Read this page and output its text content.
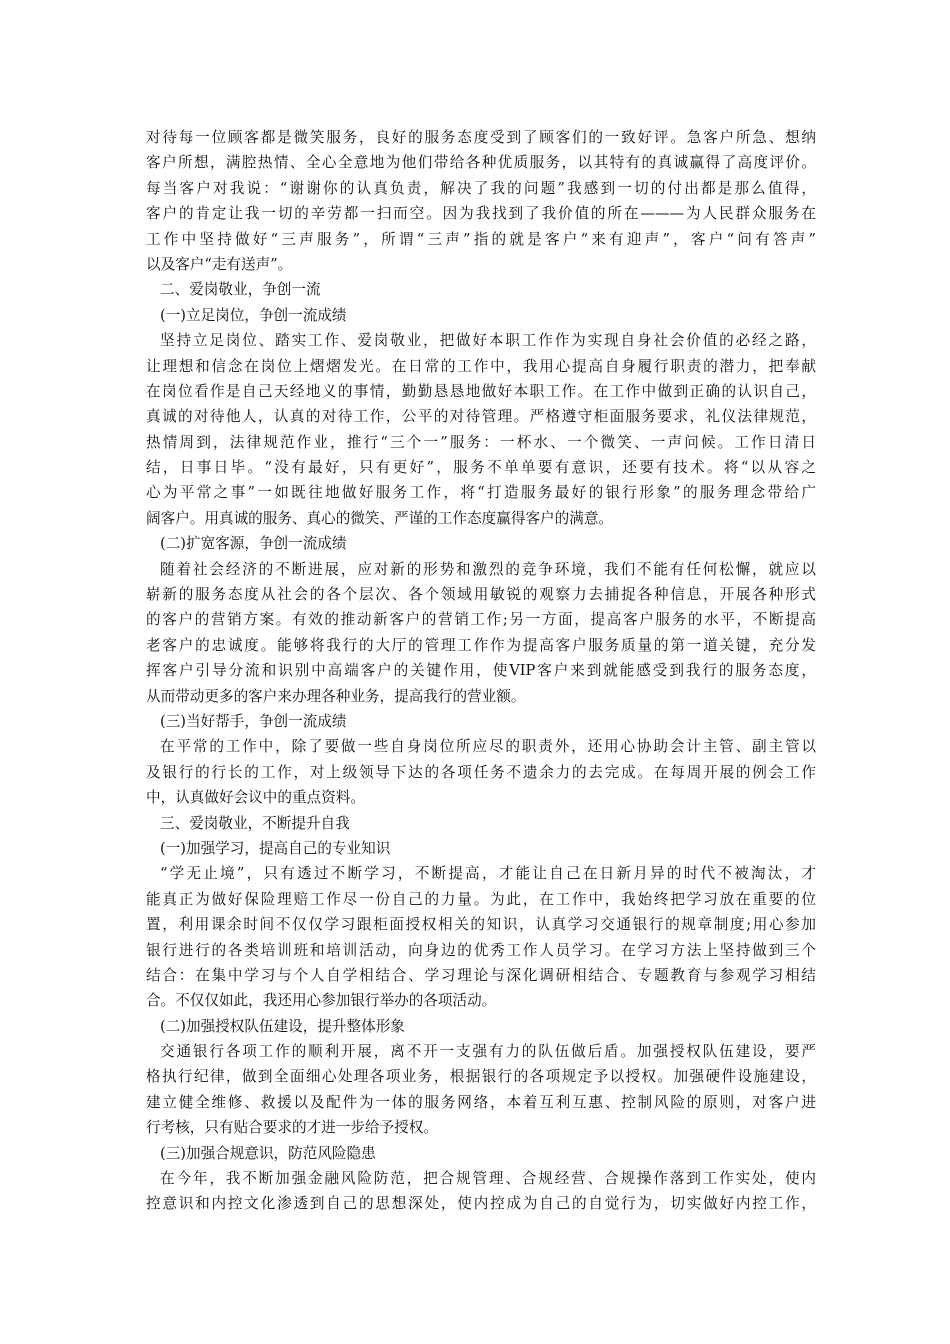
对待每一位顾客都是微笑服务，良好的服务态度受到了顾客们的一致好评。急客户所急、想纳
客户所想，满腔热情、全心全意地为他们带给各种优质服务，以其特有的真诚赢得了高度评价。
每当客户对我说：“谢谢你的认真负责，解决了我的问题”我感到一切的付出都是那么值得，
客户的肯定让我一切的辛劳都一扫而空。因为我找到了我价值的所在———为人民群众服务在
工作中坚持做好“三声服务”，所谓“三声”指的就是客户“来有迎声”，客户“问有答声”
以及客户“走有送声”。
二、爱岗敬业，争创一流
(一)立足岗位，争创一流成绩
坚持立足岗位、踏实工作、爱岗敬业，把做好本职工作作为实现自身社会价值的必经之路，
让理想和信念在岗位上熠熠发光。在日常的工作中，我用心提高自身履行职责的潜力，把奉献
在岗位看作是自己天经地义的事情，勤勤恳恳地做好本职工作。在工作中做到正确的认识自己，
真诚的对待他人，认真的对待工作，公平的对待管理。严格遵守柜面服务要求，礼仪法律规范，
热情周到，法律规范作业，推行“三个一”服务：一杯水、一个微笑、一声问候。工作日清日
结，日事日毕。“没有最好，只有更好”，服务不单单要有意识，还要有技术。将“以从容之
心为平常之事”一如既往地做好服务工作，将“打造服务最好的银行形象”的服务理念带给广
阔客户。用真诚的服务、真心的微笑、严谨的工作态度赢得客户的满意。
(二)扩宽客源，争创一流成绩
随着社会经济的不断进展，应对新的形势和激烈的竞争环境，我们不能有任何松懈，就应以
崭新的服务态度从社会的各个层次、各个领域用敏锐的观察力去捕捉各种信息，开展各种形式
的客户的营销方案。有效的推动新客户的营销工作;另一方面，提高客户服务的水平，不断提高
老客户的忠诚度。能够将我行的大厅的管理工作作为提高客户服务质量的第一道关键，充分发
挥客户引导分流和识别中高端客户的关键作用，使VIP客户来到就能感受到我行的服务态度，
从而带动更多的客户来办理各种业务，提高我行的营业额。
(三)当好帮手，争创一流成绩
在平常的工作中，除了要做一些自身岗位所应尽的职责外，还用心协助会计主管、副主管以
及银行的行长的工作，对上级领导下达的各项任务不遗余力的去完成。在每周开展的例会工作
中，认真做好会议中的重点资料。
三、爱岗敬业，不断提升自我
(一)加强学习，提高自己的专业知识
“学无止境”，只有透过不断学习，不断提高，才能让自己在日新月异的时代不被淘汰，才
能真正为做好保险理赔工作尽一份自己的力量。为此，在工作中，我始终把学习放在重要的位
置，利用课余时间不仅仅学习跟柜面授权相关的知识，认真学习交通银行的规章制度;用心参加
银行进行的各类培训班和培训活动，向身边的优秀工作人员学习。在学习方法上坚持做到三个
结合：在集中学习与个人自学相结合、学习理论与深化调研相结合、专题教育与参观学习相结
合。不仅仅如此，我还用心参加银行举办的各项活动。
(二)加强授权队伍建设，提升整体形象
交通银行各项工作的顺利开展，离不开一支强有力的队伍做后盾。加强授权队伍建设，要严
格执行纪律，做到全面细心处理各项业务，根据银行的各项规定予以授权。加强硬件设施建设，
建立健全维修、救援以及配件为一体的服务网络，本着互利互惠、控制风险的原则，对客户进
行考核，只有贴合要求的才进一步给予授权。
(三)加强合规意识，防范风险隐患
在今年，我不断加强金融风险防范，把合规管理、合规经营、合规操作落到工作实处，使内
控意识和内控文化渗透到自己的思想深处，使内控成为自己的自觉行为，切实做好内控工作，
